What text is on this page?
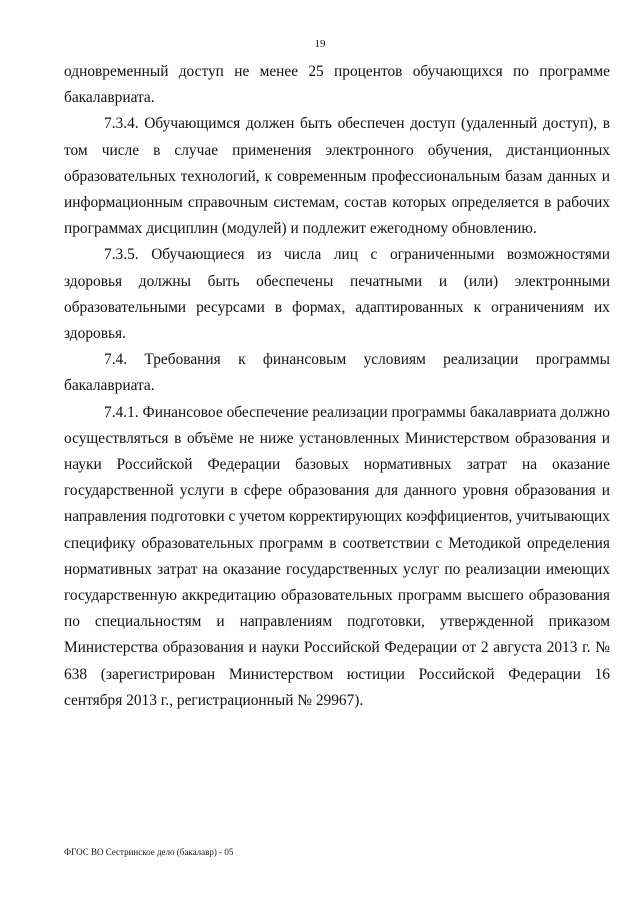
19

одновременный доступ не менее 25 процентов обучающихся по программе бакалавриата.

7.3.4. Обучающимся должен быть обеспечен доступ (удаленный доступ), в том числе в случае применения электронного обучения, дистанционных образовательных технологий, к современным профессиональным базам данных и информационным справочным системам, состав которых определяется в рабочих программах дисциплин (модулей) и подлежит ежегодному обновлению.

7.3.5. Обучающиеся из числа лиц с ограниченными возможностями здоровья должны быть обеспечены печатными и (или) электронными образовательными ресурсами в формах, адаптированных к ограничениям их здоровья.

7.4. Требования к финансовым условиям реализации программы бакалавриата.

7.4.1. Финансовое обеспечение реализации программы бакалавриата должно осуществляться в объёме не ниже установленных Министерством образования и науки Российской Федерации базовых нормативных затрат на оказание государственной услуги в сфере образования для данного уровня образования и направления подготовки с учетом корректирующих коэффициентов, учитывающих специфику образовательных программ в соответствии с Методикой определения нормативных затрат на оказание государственных услуг по реализации имеющих государственную аккредитацию образовательных программ высшего образования по специальностям и направлениям подготовки, утвержденной приказом Министерства образования и науки Российской Федерации от 2 августа 2013 г. № 638 (зарегистрирован Министерством юстиции Российской Федерации 16 сентября 2013 г., регистрационный № 29967).

ФГОС ВО Сестринское дело (бакалавр) - 05
